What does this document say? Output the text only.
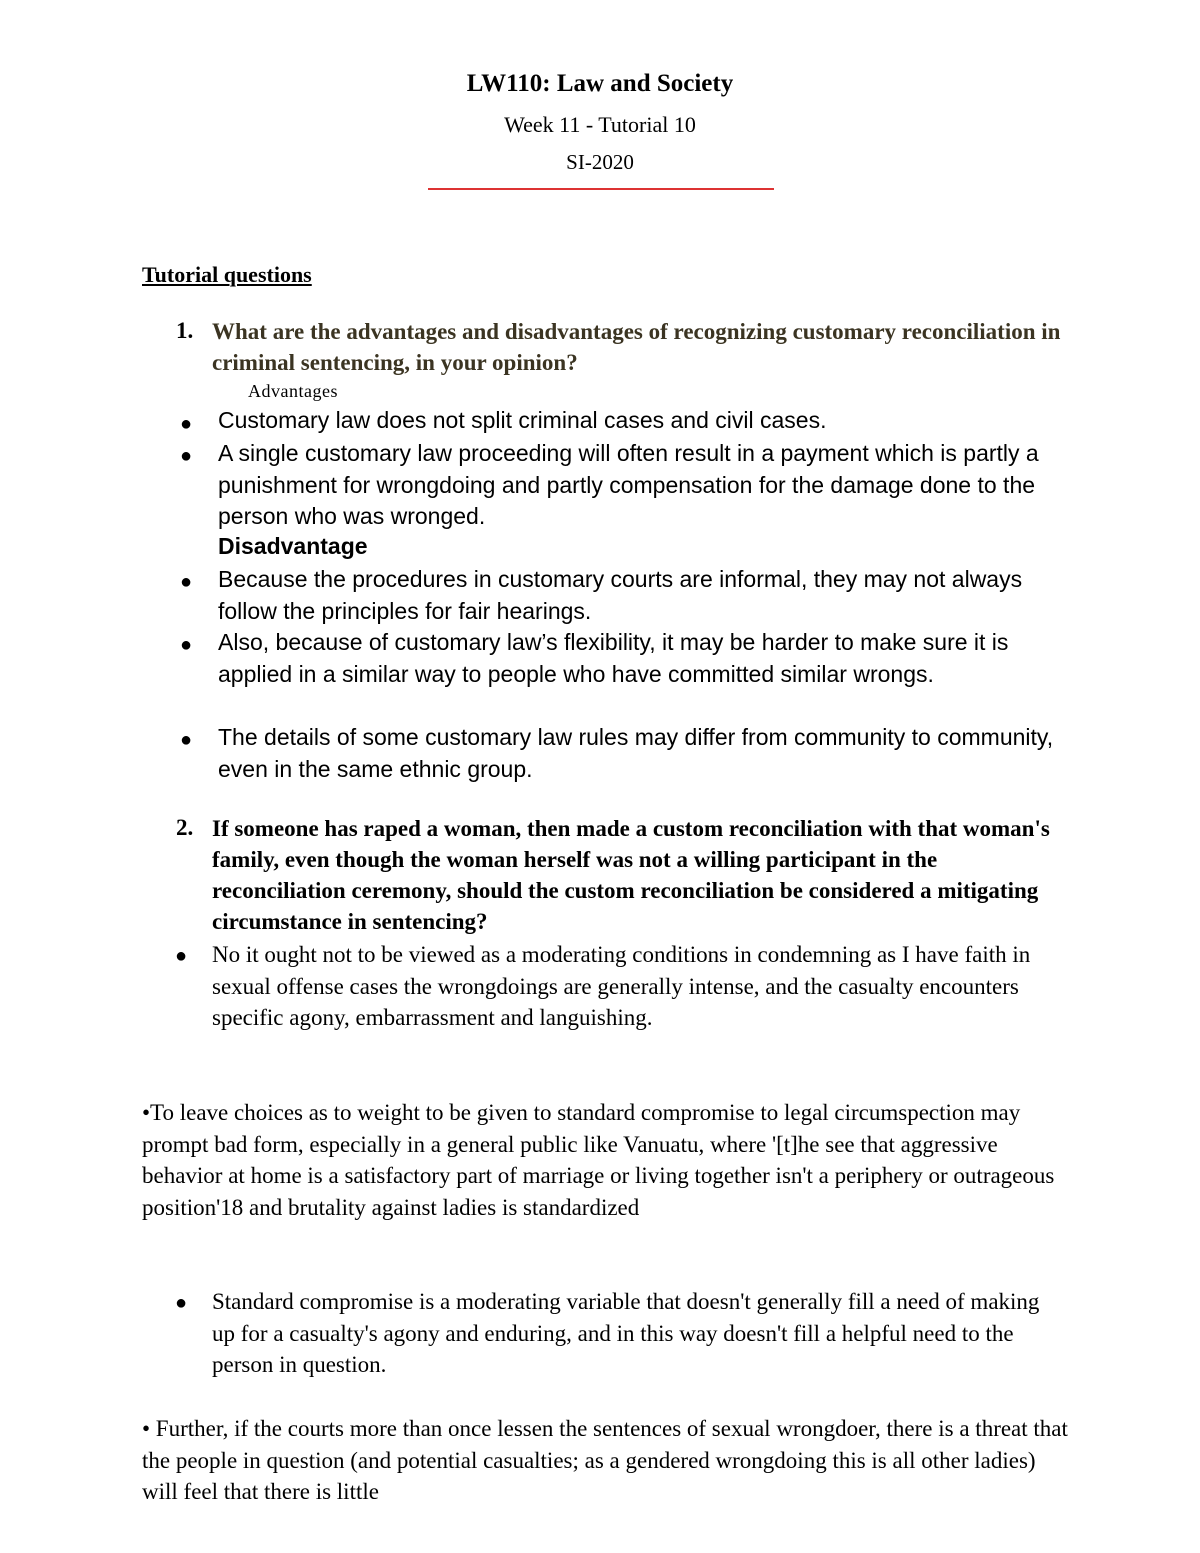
LW110: Law and Society
Week 11 - Tutorial 10
SI-2020
Tutorial questions
1. What are the advantages and disadvantages of recognizing customary reconciliation in criminal sentencing, in your opinion?
Advantages
● Customary law does not split criminal cases and civil cases.
● A single customary law proceeding will often result in a payment which is partly a punishment for wrongdoing and partly compensation for the damage done to the person who was wronged.
Disadvantage
● Because the procedures in customary courts are informal, they may not always follow the principles for fair hearings.
● Also, because of customary law’s flexibility, it may be harder to make sure it is applied in a similar way to people who have committed similar wrongs.
● The details of some customary law rules may differ from community to community, even in the same ethnic group.
2. If someone has raped a woman, then made a custom reconciliation with that woman's family, even though the woman herself was not a willing participant in the reconciliation ceremony, should the custom reconciliation be considered a mitigating circumstance in sentencing?
● No it ought not to be viewed as a moderating conditions in condemning as I have faith in sexual offense cases the wrongdoings are generally intense, and the casualty encounters specific agony, embarrassment and languishing.
•To leave choices as to weight to be given to standard compromise to legal circumspection may prompt bad form, especially in a general public like Vanuatu, where '[t]he see that aggressive behavior at home is a satisfactory part of marriage or living together isn't a periphery or outrageous position'18 and brutality against ladies is standardized
● Standard compromise is a moderating variable that doesn't generally fill a need of making up for a casualty's agony and enduring, and in this way doesn't fill a helpful need to the person in question.
• Further, if the courts more than once lessen the sentences of sexual wrongdoer, there is a threat that the people in question (and potential casualties; as a gendered wrongdoing this is all other ladies) will feel that there is little
